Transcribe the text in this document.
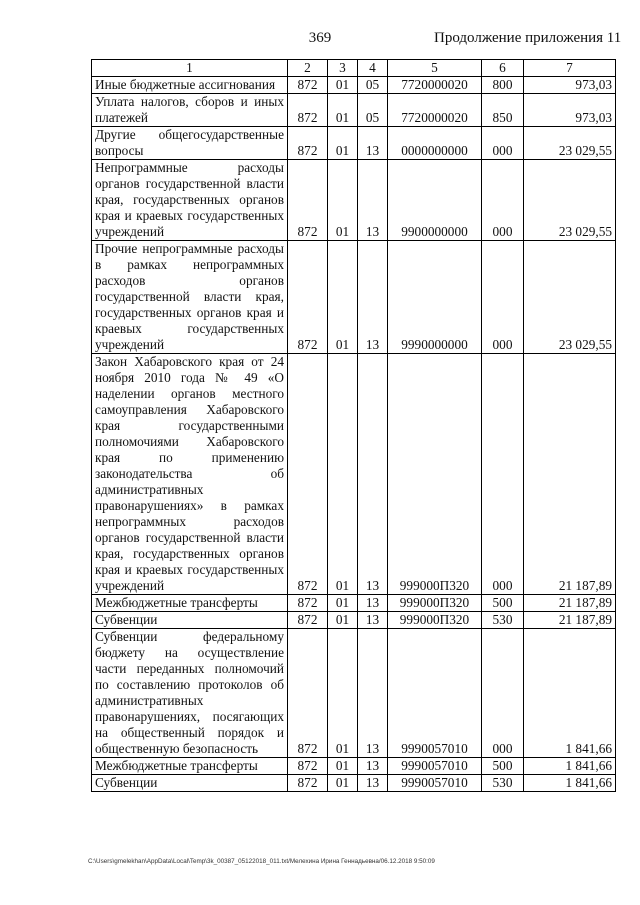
369	Продолжение приложения 11
1	2	3	4	5	6	7
Иные бюджетные ассигнования	872	01	05	7720000020	800	973,03
Уплата налогов, сборов и иных платежей	872	01	05	7720000020	850	973,03
Другие общегосударственные вопросы	872	01	13	0000000000	000	23 029,55
Непрограммные расходы органов государственной власти края, государственных органов края и краевых государственных учреждений	872	01	13	9900000000	000	23 029,55
Прочие непрограммные расходы в рамках непрограммных расходов органов государственной власти края, государственных органов края и краевых государственных учреждений	872	01	13	9990000000	000	23 029,55
Закон Хабаровского края от 24 ноября 2010 года № 49 «О наделении органов местного самоуправления Хабаровского края государственными полномочиями Хабаровского края по применению законодательства об административных правонарушениях» в рамках непрограммных расходов органов государственной власти края, государственных органов края и краевых государственных учреждений	872	01	13	999000П320	000	21 187,89
Межбюджетные трансферты	872	01	13	999000П320	500	21 187,89
Субвенции	872	01	13	999000П320	530	21 187,89
Субвенции федеральному бюджету на осуществление части переданных полномочий по составлению протоколов об административных правонарушениях, посягающих на общественный порядок и общественную безопасность	872	01	13	9990057010	000	1 841,66
Межбюджетные трансферты	872	01	13	9990057010	500	1 841,66
Субвенции	872	01	13	9990057010	530	1 841,66
C:\Users\gmelekhan\AppData\Local\Temp\3k_00387_05122018_011.txt/Мелехина Ирина Геннадьевна/06.12.2018 9:50:09
